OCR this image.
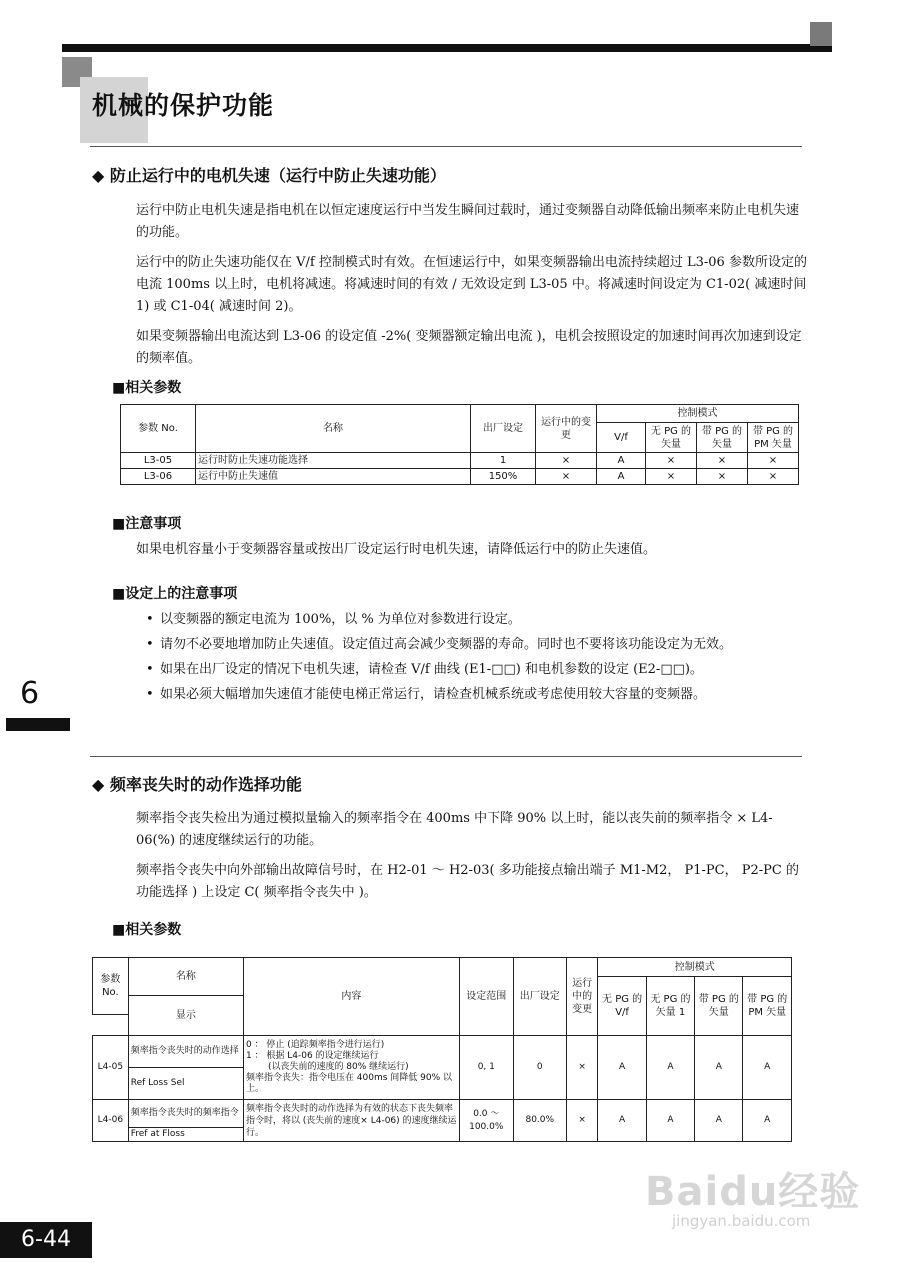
机械的保护功能
◆ 防止运行中的电机失速（运行中防止失速功能）

运行中防止电机失速是指电机在以恒定速度运行中当发生瞬间过载时，通过变频器自动降低输出频率来防止电机失速的功能。

运行中的防止失速功能仅在 V/f 控制模式时有效。在恒速运行中，如果变频器输出电流持续超过 L3-06 参数所设定的电流 100ms 以上时，电机将减速。将减速时间的有效 / 无效设定到 L3-05 中。将减速时间设定为 C1-02( 减速时间 1) 或 C1-04( 减速时间 2)。

如果变频器输出电流达到 L3-06 的设定值 -2%( 变频器额定输出电流 )，电机会按照设定的加速时间再次加速到设定的频率值。

■相关参数
参数 No.	名称	出厂设定	运行中的变更	控制模式			
				V/f	无 PG 的矢量	带 PG 的矢量	带 PG 的 PM 矢量
L3-05	运行时防止失速功能选择	1	×	A	×	×	×
L3-06	运行中防止失速值	150%	×	A	×	×	×
■注意事项
如果电机容量小于变频器容量或按出厂设定运行时电机失速，请降低运行中的防止失速值。
■设定上的注意事项
• 以变频器的额定电流为 100%，以 % 为单位对参数进行设定。
• 请勿不必要地增加防止失速值。设定值过高会减少变频器的寿命。同时也不要将该功能设定为无效。
• 如果在出厂设定的情况下电机失速，请检查 V/f 曲线 (E1-□□) 和电机参数的设定 (E2-□□)。
• 如果必须大幅增加失速值才能使电梯正常运行，请检查机械系统或考虑使用较大容量的变频器。
6
◆ 频率丧失时的动作选择功能

频率指令丧失检出为通过模拟量输入的频率指令在 400ms 中下降 90% 以上时，能以丧失前的频率指令 × L4-06(%) 的速度继续运行的功能。

频率指令丧失中向外部输出故障信号时，在 H2-01 ～ H2-03( 多功能接点输出端子 M1-M2， P1-PC， P2-PC 的功能选择 ) 上设定 C( 频率指令丧失中 )。

■相关参数
参数 No.	名称	内容	设定范围	出厂设定	运行中的变更	控制模式			
						无 PG 的 V/f	无 PG 的矢量 1	带 PG 的矢量	带 PG 的 PM 矢量
	显示								

L4-05	频率指令丧失时的动作选择	0 ： 停止 (追踪频率指令进行运行)
1 ： 根据 L4-06 的设定继续运行
(以丧失前的速度的 80% 继续运行)
频率指令丧失：指令电压在 400ms 间降低 90% 以上。	0, 1	0	×	A	A	A	A
	Ref Loss Sel								
L4-06	频率指令丧失时的频率指令	频率指令丧失时的动作选择为有效的状态下丧失频率指令时，将以 (丧失前的速度× L4-06) 的速度继续运行。	0.0 ～ 100.0%	80.0%	×	A	A	A	A
	Fref at Floss								
6-44
Baidu经验
jingyan.baidu.com
